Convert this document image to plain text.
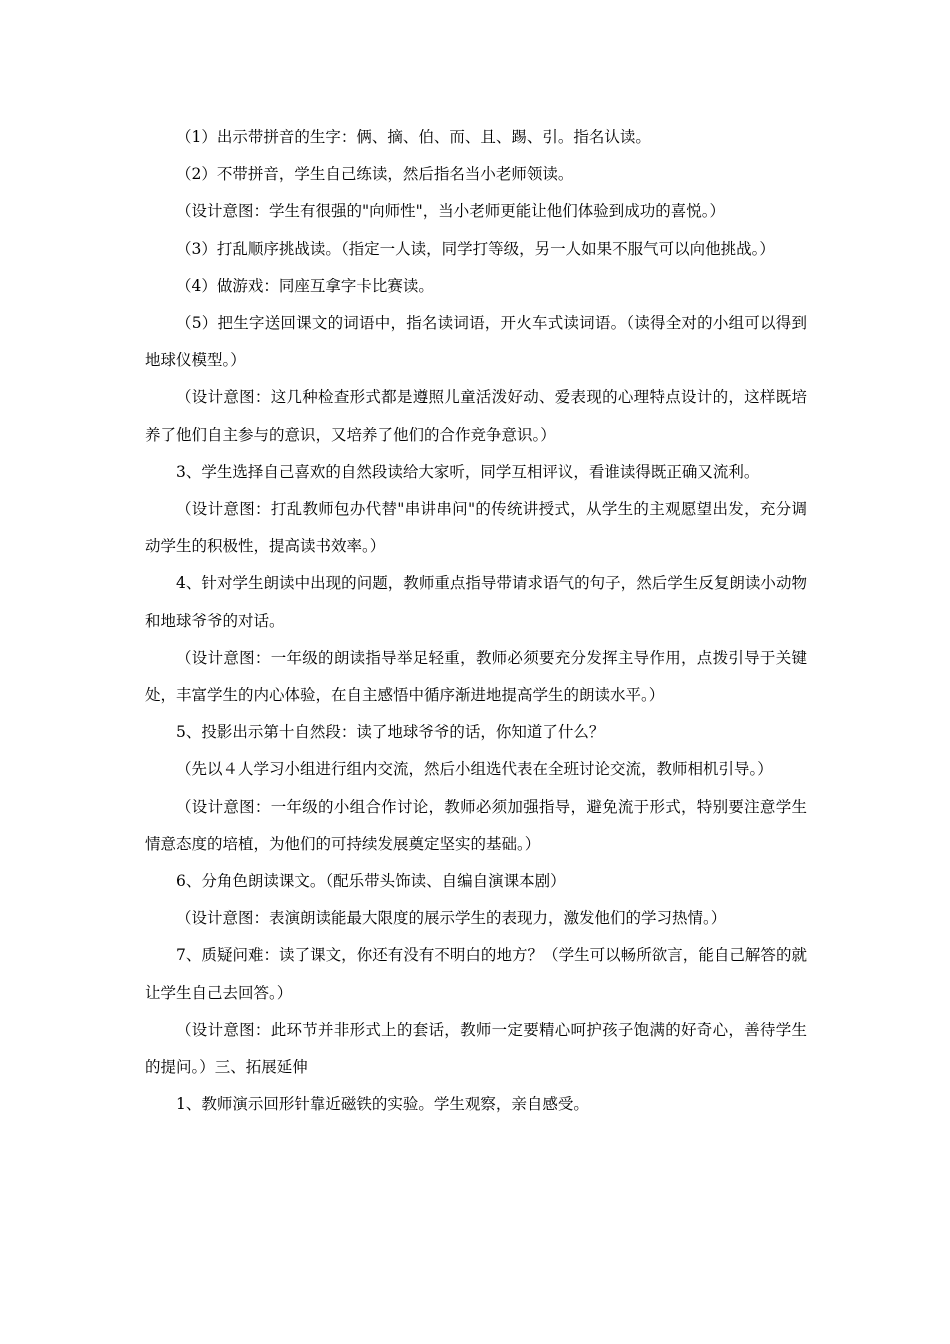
（1）出示带拼音的生字：俩、摘、伯、而、且、踢、引。指名认读。

（2）不带拼音，学生自己练读，然后指名当小老师领读。

（设计意图：学生有很强的"向师性"，当小老师更能让他们体验到成功的喜悦。）

（3）打乱顺序挑战读。（指定一人读，同学打等级，另一人如果不服气可以向他挑战。）

（4）做游戏：同座互拿字卡比赛读。

（5）把生字送回课文的词语中，指名读词语，开火车式读词语。（读得全对的小组可以得到地球仪模型。）

（设计意图：这几种检查形式都是遵照儿童活泼好动、爱表现的心理特点设计的，这样既培养了他们自主参与的意识，又培养了他们的合作竞争意识。）

3、学生选择自己喜欢的自然段读给大家听，同学互相评议，看谁读得既正确又流利。

（设计意图：打乱教师包办代替"串讲串问"的传统讲授式，从学生的主观愿望出发，充分调动学生的积极性，提高读书效率。）

4、针对学生朗读中出现的问题，教师重点指导带请求语气的句子，然后学生反复朗读小动物和地球爷爷的对话。

（设计意图：一年级的朗读指导举足轻重，教师必须要充分发挥主导作用，点拨引导于关键处，丰富学生的内心体验，在自主感悟中循序渐进地提高学生的朗读水平。）

5、投影出示第十自然段：读了地球爷爷的话，你知道了什么？

（先以４人学习小组进行组内交流，然后小组选代表在全班讨论交流，教师相机引导。）

（设计意图：一年级的小组合作讨论，教师必须加强指导，避免流于形式，特别要注意学生情意态度的培植，为他们的可持续发展奠定坚实的基础。）

6、分角色朗读课文。（配乐带头饰读、自编自演课本剧）

（设计意图：表演朗读能最大限度的展示学生的表现力，激发他们的学习热情。）

7、质疑问难：读了课文，你还有没有不明白的地方？（学生可以畅所欲言，能自己解答的就让学生自己去回答。）

（设计意图：此环节并非形式上的套话，教师一定要精心呵护孩子饱满的好奇心，善待学生的提问。）三、拓展延伸

1、教师演示回形针靠近磁铁的实验。学生观察，亲自感受。
